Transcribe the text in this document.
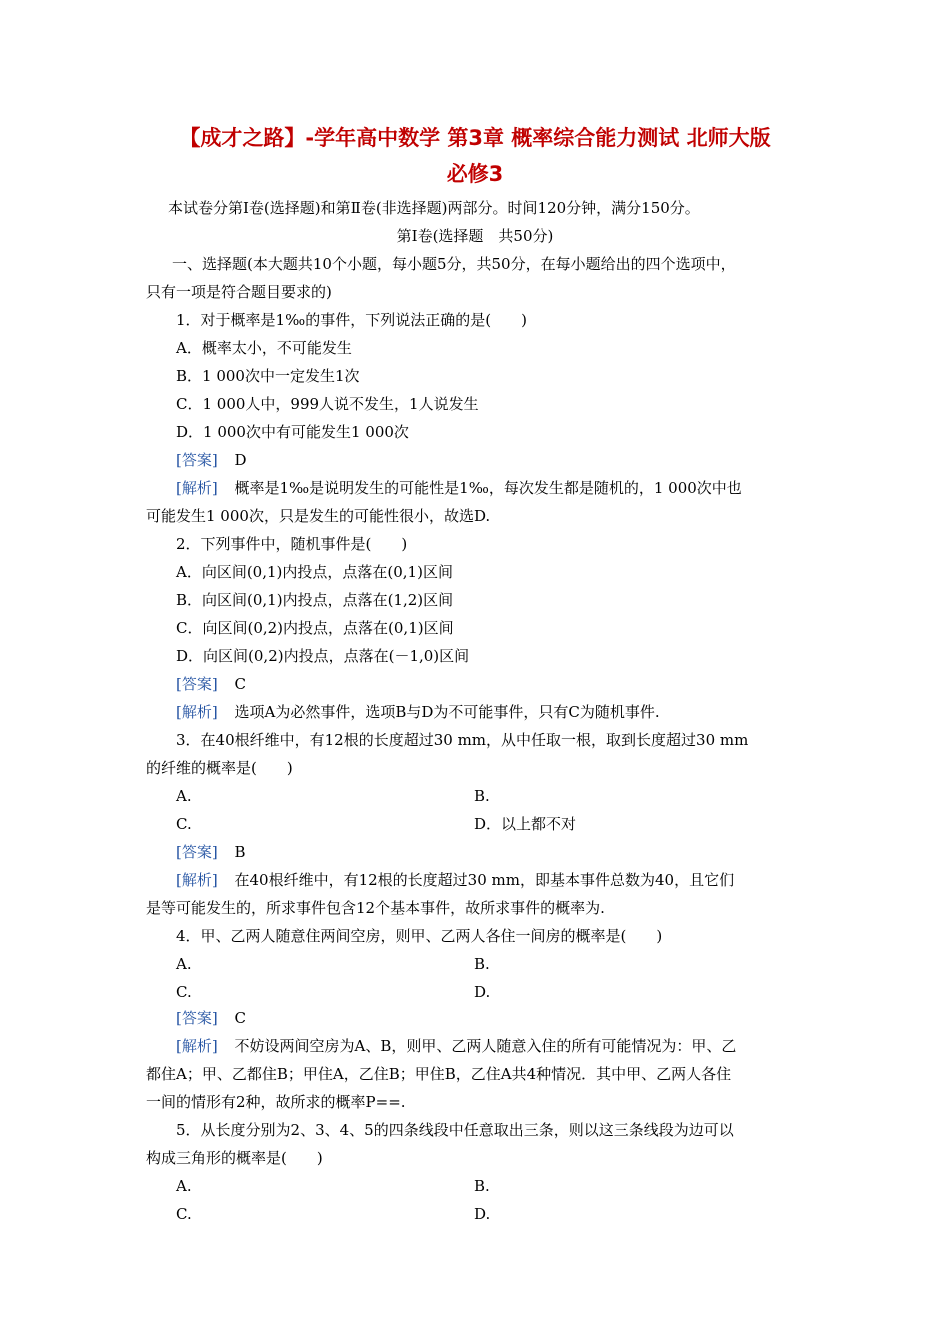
【成才之路】-学年高中数学 第3章 概率综合能力测试 北师大版
必修3
本试卷分第Ⅰ卷(选择题)和第Ⅱ卷(非选择题)两部分。时间120分钟，满分150分。
第Ⅰ卷(选择题　共50分)
一、选择题(本大题共10个小题，每小题5分，共50分，在每小题给出的四个选项中，
只有一项是符合题目要求的)
1．对于概率是1‰的事件，下列说法正确的是(　　)
A．概率太小，不可能发生
B．1 000次中一定发生1次
C．1 000人中，999人说不发生，1人说发生
D．1 000次中有可能发生1 000次
[答案] D
[解析] 概率是1‰是说明发生的可能性是1‰，每次发生都是随机的，1 000次中也
可能发生1 000次，只是发生的可能性很小，故选D.
2．下列事件中，随机事件是(　　)
A．向区间(0,1)内投点，点落在(0,1)区间
B．向区间(0,1)内投点，点落在(1,2)区间
C．向区间(0,2)内投点，点落在(0,1)区间
D．向区间(0,2)内投点，点落在(－1,0)区间
[答案] C
[解析] 选项A为必然事件，选项B与D为不可能事件，只有C为随机事件.
3．在40根纤维中，有12根的长度超过30 mm，从中任取一根，取到长度超过30 mm
的纤维的概率是(　　)
A.	B.
C.	D．以上都不对
[答案] B
[解析] 在40根纤维中，有12根的长度超过30 mm，即基本事件总数为40，且它们
是等可能发生的，所求事件包含12个基本事件，故所求事件的概率为.
4．甲、乙两人随意住两间空房，则甲、乙两人各住一间房的概率是(　　)
A.	B.
C.	D.
[答案] C
[解析] 不妨设两间空房为A、B，则甲、乙两人随意入住的所有可能情况为：甲、乙
都住A；甲、乙都住B；甲住A，乙住B；甲住B，乙住A共4种情况．其中甲、乙两人各住
一间的情形有2种，故所求的概率P==.
5．从长度分别为2、3、4、5的四条线段中任意取出三条，则以这三条线段为边可以
构成三角形的概率是(　　)
A.	B.
C.	D.
